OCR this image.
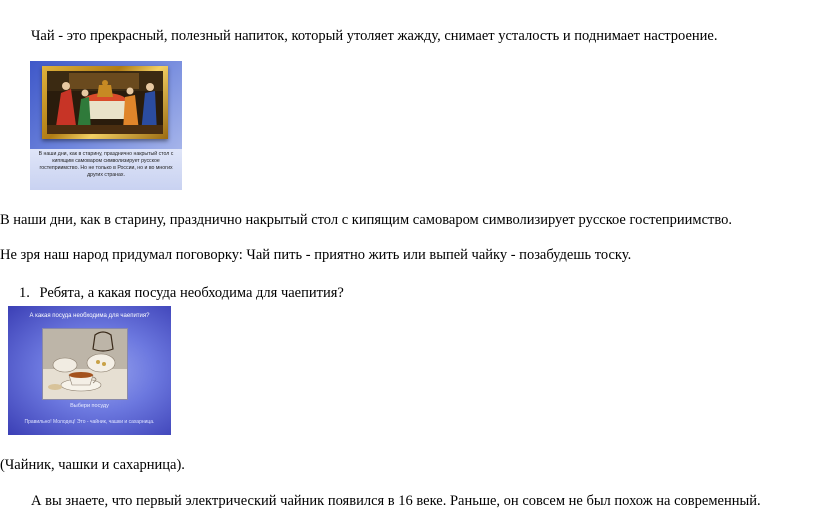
Чай - это прекрасный, полезный напиток, который утоляет жажду, снимает усталость и поднимает настроение.
В наши дни, как в старину, празднично накрытый стол с кипящим самоваром символизирует русское гостеприимство. Но не только в России, но и во многих других странах.
В наши дни, как в старину, празднично накрытый стол с кипящим самоваром символизирует русское гостеприимство.
Не зря наш народ придумал поговорку: Чай пить - приятно жить или выпей чайку - позабудешь тоску.
1. Ребята, а какая посуда необходима для чаепития?
А какая посуда необходима для чаепития?
Выбери посуду
Правильно! Молодец! Это - чайник, чашки и сахарница.
(Чайник, чашки и сахарница).
А вы знаете, что первый электрический чайник появился в 16 веке. Раньше, он совсем не был похож на современный.
